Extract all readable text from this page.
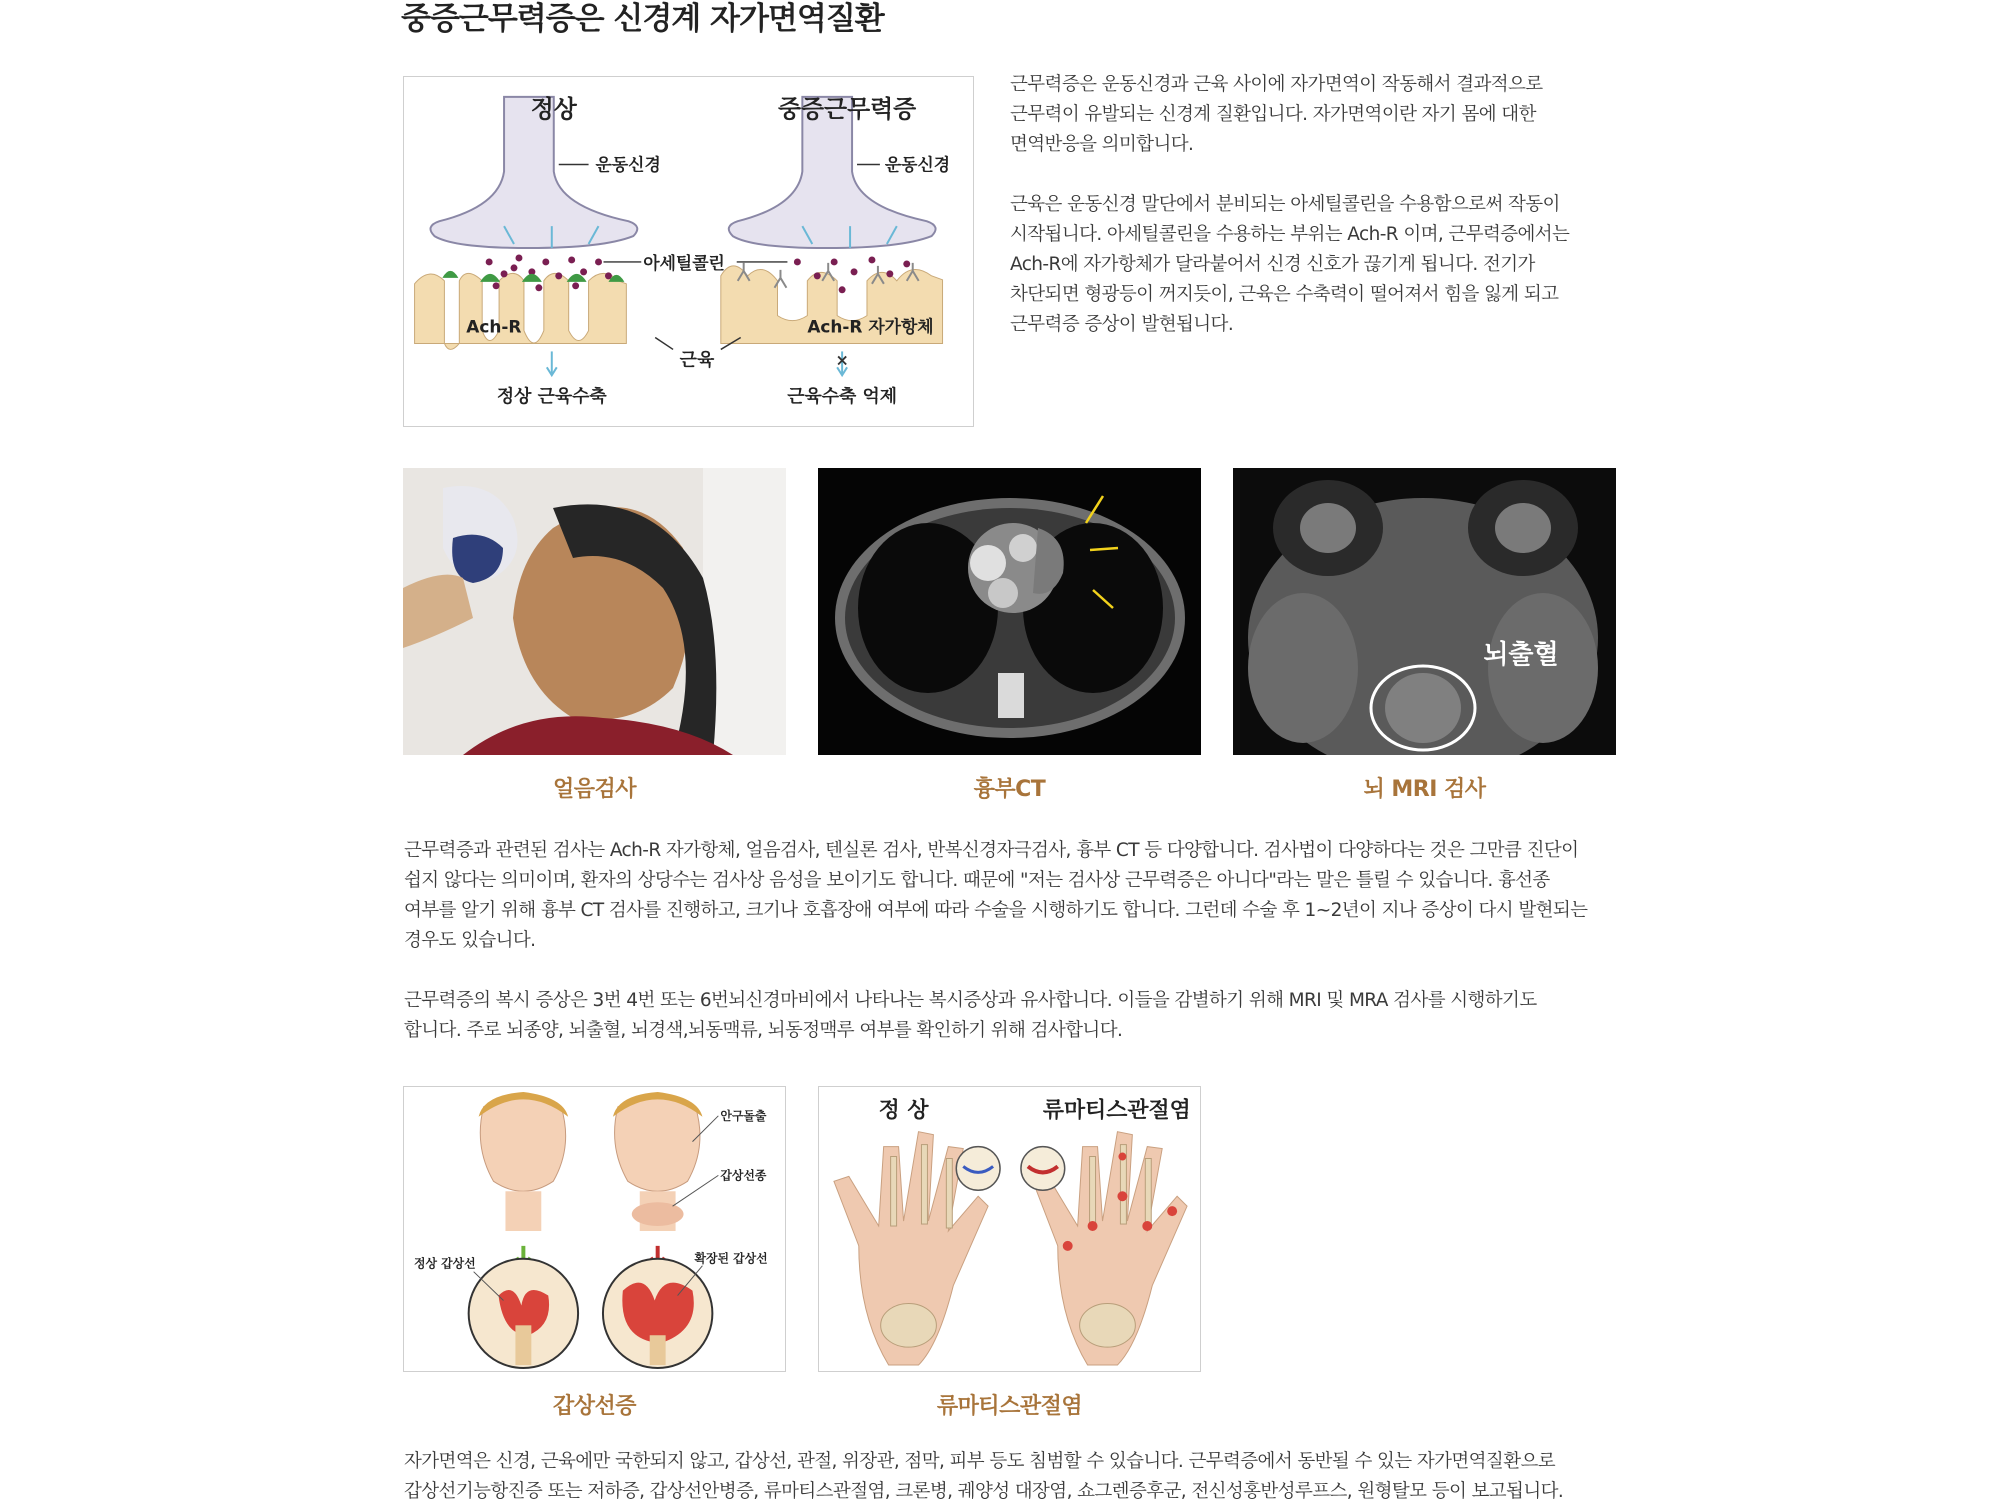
중증근무력증은 신경계 자가면역질환
정상	중증근무력증
운동신경	운동신경
아세틸콜린
Ach-R	Ach-R 자가항체
근육	×
정상 근육수축	근육수축 억제
근무력증은 운동신경과 근육 사이에 자가면역이 작동해서 결과적으로
근무력이 유발되는 신경계 질환입니다. 자가면역이란 자기 몸에 대한
면역반응을 의미합니다.
근육은 운동신경 말단에서 분비되는 아세틸콜린을 수용함으로써 작동이
시작됩니다. 아세틸콜린을 수용하는 부위는 Ach-R 이며, 근무력증에서는
Ach-R에 자가항체가 달라붙어서 신경 신호가 끊기게 됩니다. 전기가
차단되면 형광등이 꺼지듯이, 근육은 수축력이 떨어져서 힘을 잃게 되고
근무력증 증상이 발현됩니다.
뇌출혈
얼음검사	흉부CT	뇌 MRI 검사
근무력증과 관련된 검사는 Ach-R 자가항체, 얼음검사, 텐실론 검사, 반복신경자극검사, 흉부 CT 등 다양합니다. 검사법이 다양하다는 것은 그만큼 진단이
쉽지 않다는 의미이며, 환자의 상당수는 검사상 음성을 보이기도 합니다. 때문에 "저는 검사상 근무력증은 아니다"라는 말은 틀릴 수 있습니다. 흉선종
여부를 알기 위해 흉부 CT 검사를 진행하고, 크기나 호흡장애 여부에 따라 수술을 시행하기도 합니다. 그런데 수술 후 1~2년이 지나 증상이 다시 발현되는
경우도 있습니다.
근무력증의 복시 증상은 3번 4번 또는 6번뇌신경마비에서 나타나는 복시증상과 유사합니다. 이들을 감별하기 위해 MRI 및 MRA 검사를 시행하기도
합니다. 주로 뇌종양, 뇌출혈, 뇌경색,뇌동맥류, 뇌동정맥루 여부를 확인하기 위해 검사합니다.
안구돌출
갑상선종
정상 갑상선	확장된 갑상선
정 상	류마티스관절염
갑상선증	류마티스관절염
자가면역은 신경, 근육에만 국한되지 않고, 갑상선, 관절, 위장관, 점막, 피부 등도 침범할 수 있습니다. 근무력증에서 동반될 수 있는 자가면역질환으로
갑상선기능항진증 또는 저하증, 갑상선안병증, 류마티스관절염, 크론병, 궤양성 대장염, 쇼그렌증후군, 전신성홍반성루프스, 원형탈모 등이 보고됩니다.
